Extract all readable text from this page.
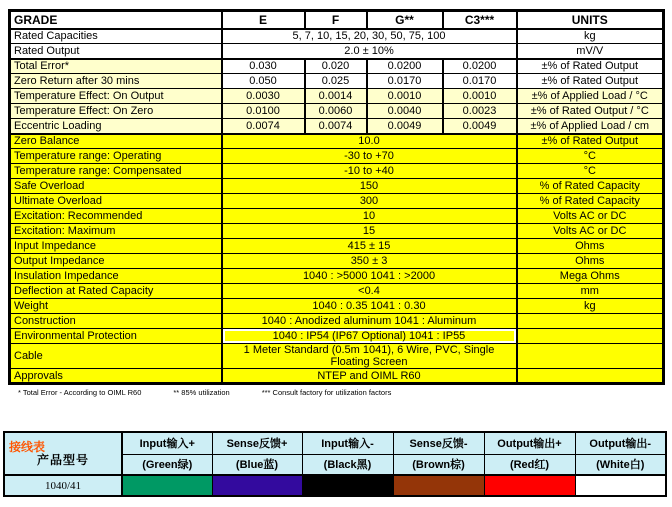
GRADE	E	F	G**	C3***	UNITS
Rated Capacities	5, 7, 10, 15, 20, 30, 50, 75, 100				kg
Rated Output	2.0 ± 10%				mV/V
Total Error*	0.030	0.020	0.0200	0.0200	±% of Rated Output
Zero Return after 30 mins	0.050	0.025	0.0170	0.0170	±% of Rated Output
Temperature Effect: On Output	0.0030	0.0014	0.0010	0.0010	±% of Applied Load / °C
Temperature Effect: On Zero	0.0100	0.0060	0.0040	0.0023	±% of Rated Output / °C
Eccentric Loading	0.0074	0.0074	0.0049	0.0049	±% of Applied Load / cm
Zero Balance	10.0				±% of Rated Output
Temperature range: Operating	-30 to +70				°C
Temperature range: Compensated	-10 to +40				°C
Safe Overload	150				% of Rated Capacity
Ultimate Overload	300				% of Rated Capacity
Excitation: Recommended	10				Volts AC or DC
Excitation: Maximum	15				Volts AC or DC
Input Impedance	415 ± 15				Ohms
Output Impedance	350 ± 3				Ohms
Insulation Impedance	1040 : >5000 1041 : >2000				Mega Ohms
Deflection at Rated Capacity	<0.4				mm
Weight	1040 : 0.35 1041 : 0.30				kg
Construction	1040 : Anodized aluminum 1041 : Aluminum				
Environmental Protection	1040 : IP54 (IP67 Optional) 1041 : IP55				
Cable	1 Meter Standard (0.5m 1041), 6 Wire, PVC, Single Floating Screen				
Approvals	NTEP and OIML R60				
* Total Error - According to OIML R60	** 85% utilization	*** Consult factory for utilization factors
接线表
产品型号	Input输入+	Sense反馈+	Input输入-	Sense反馈-	Output输出+	Output输出-
	(Green绿)	(Blue蓝)	(Black黑)	(Brown棕)	(Red红)	(White白)
1040/41						
